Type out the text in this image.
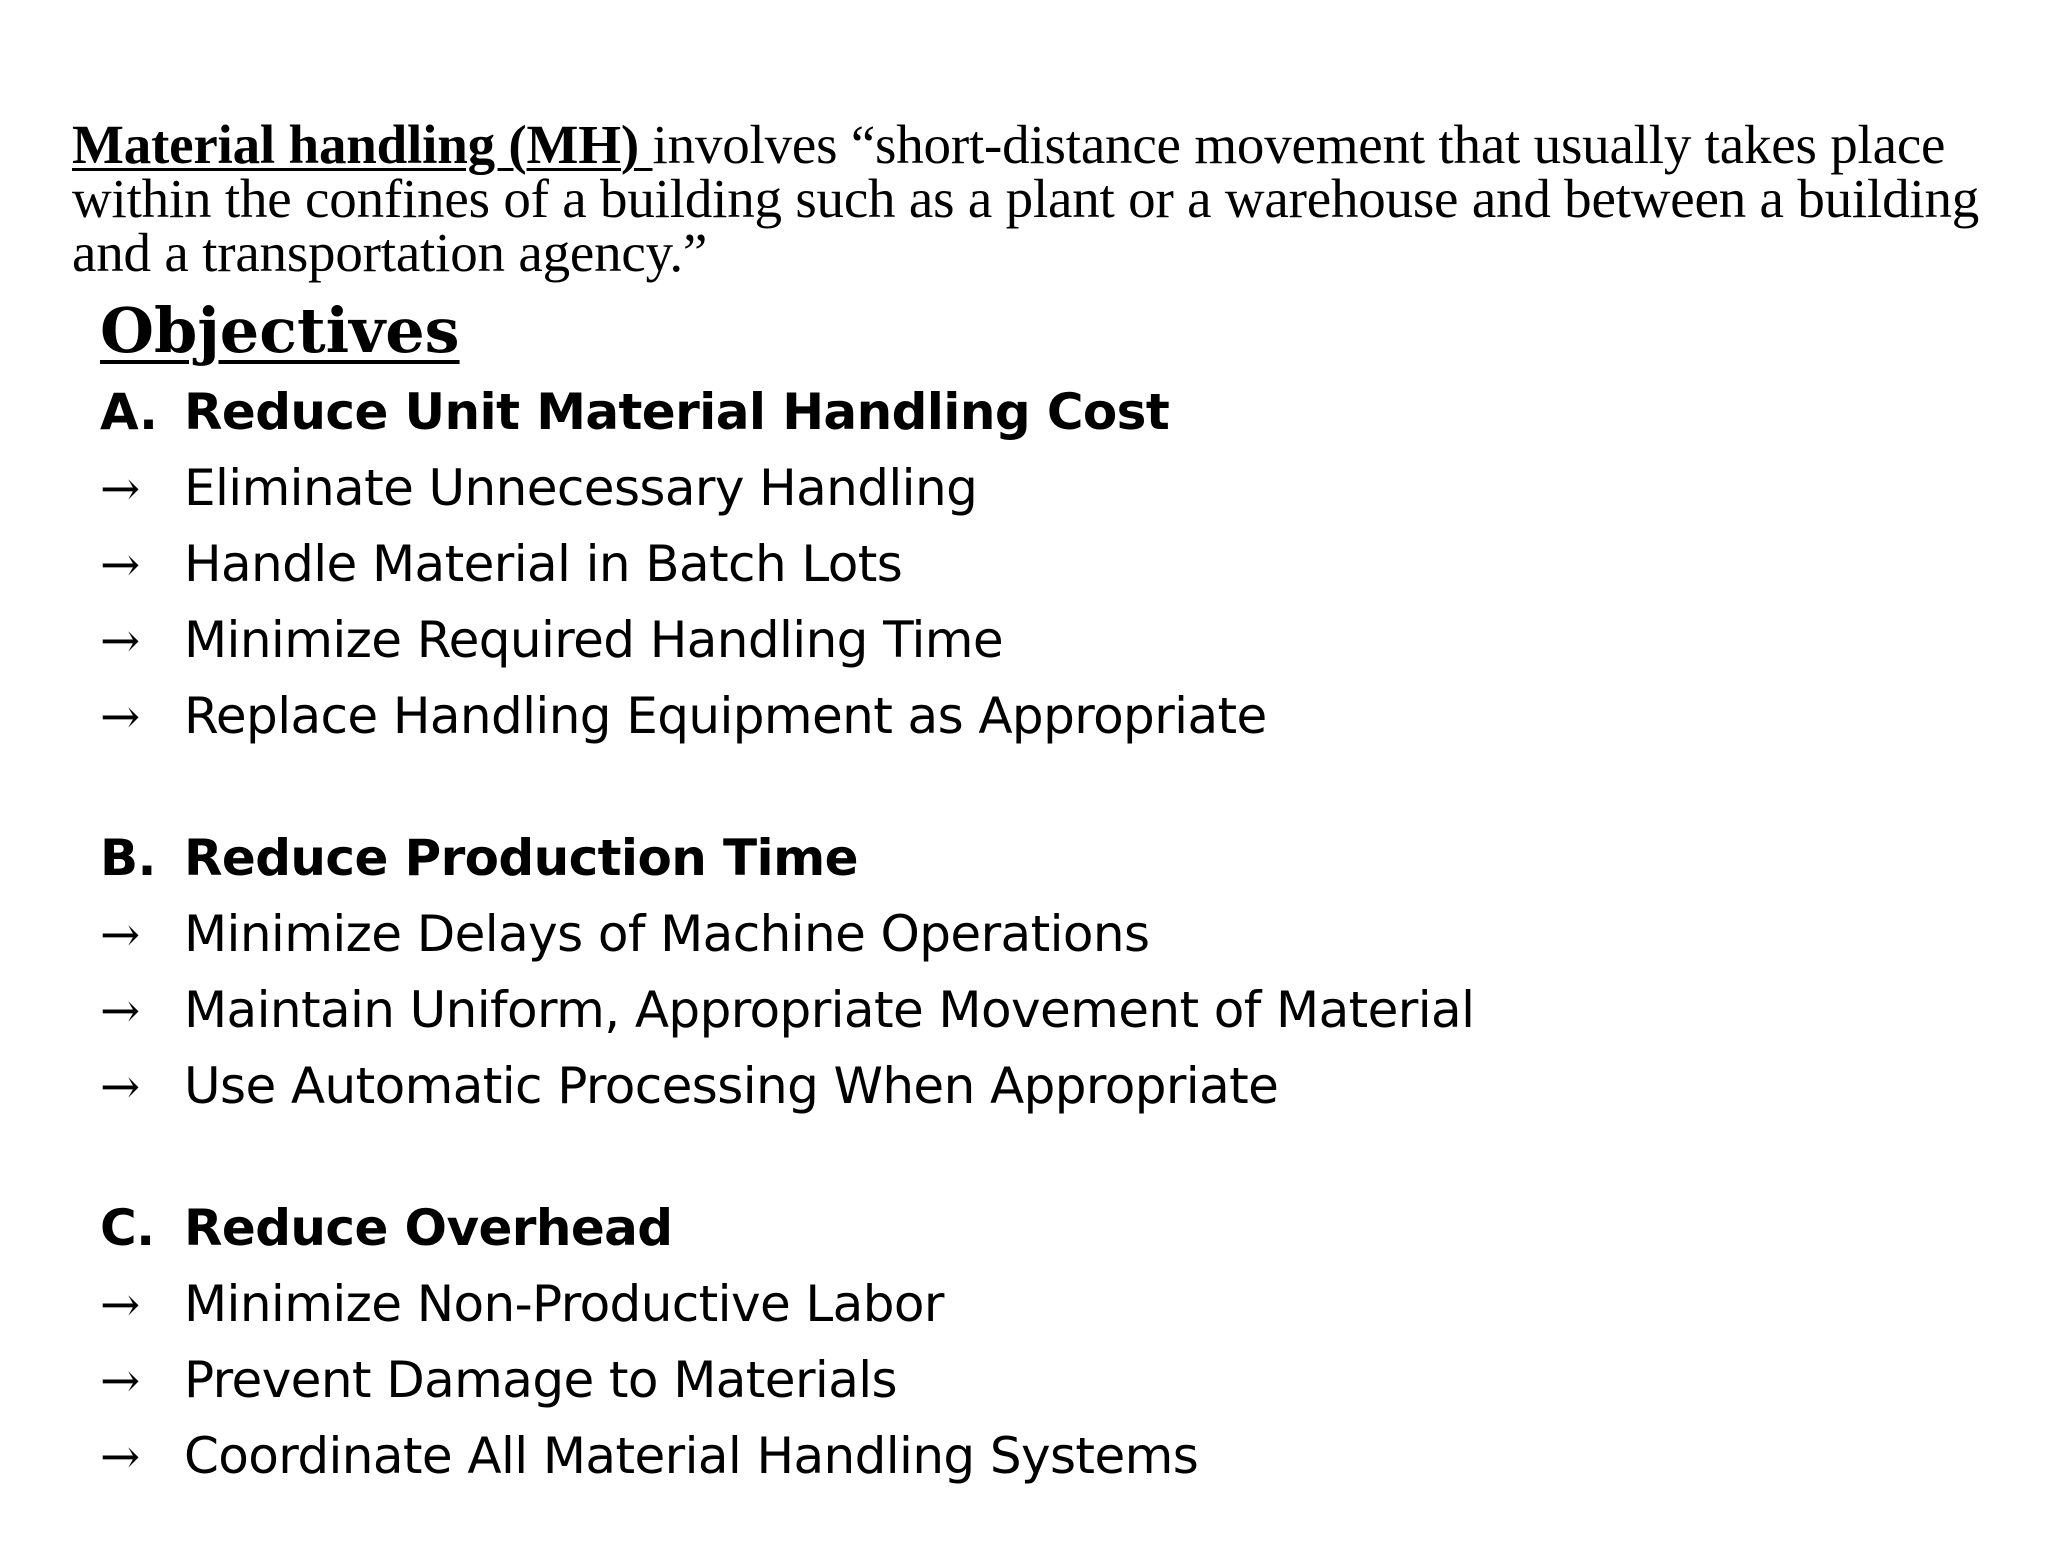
Material handling (MH) involves “short-distance movement that usually takes place within the confines of a building such as a plant or a warehouse and between a building and a transportation agency.”

Objectives
A. Reduce Unit Material Handling Cost
→ Eliminate Unnecessary Handling
→ Handle Material in Batch Lots
→ Minimize Required Handling Time
→ Replace Handling Equipment as Appropriate
B. Reduce Production Time
→ Minimize Delays of Machine Operations
→ Maintain Uniform, Appropriate Movement of Material
→ Use Automatic Processing When Appropriate
C. Reduce Overhead
→ Minimize Non-Productive Labor
→ Prevent Damage to Materials
→ Coordinate All Material Handling Systems
